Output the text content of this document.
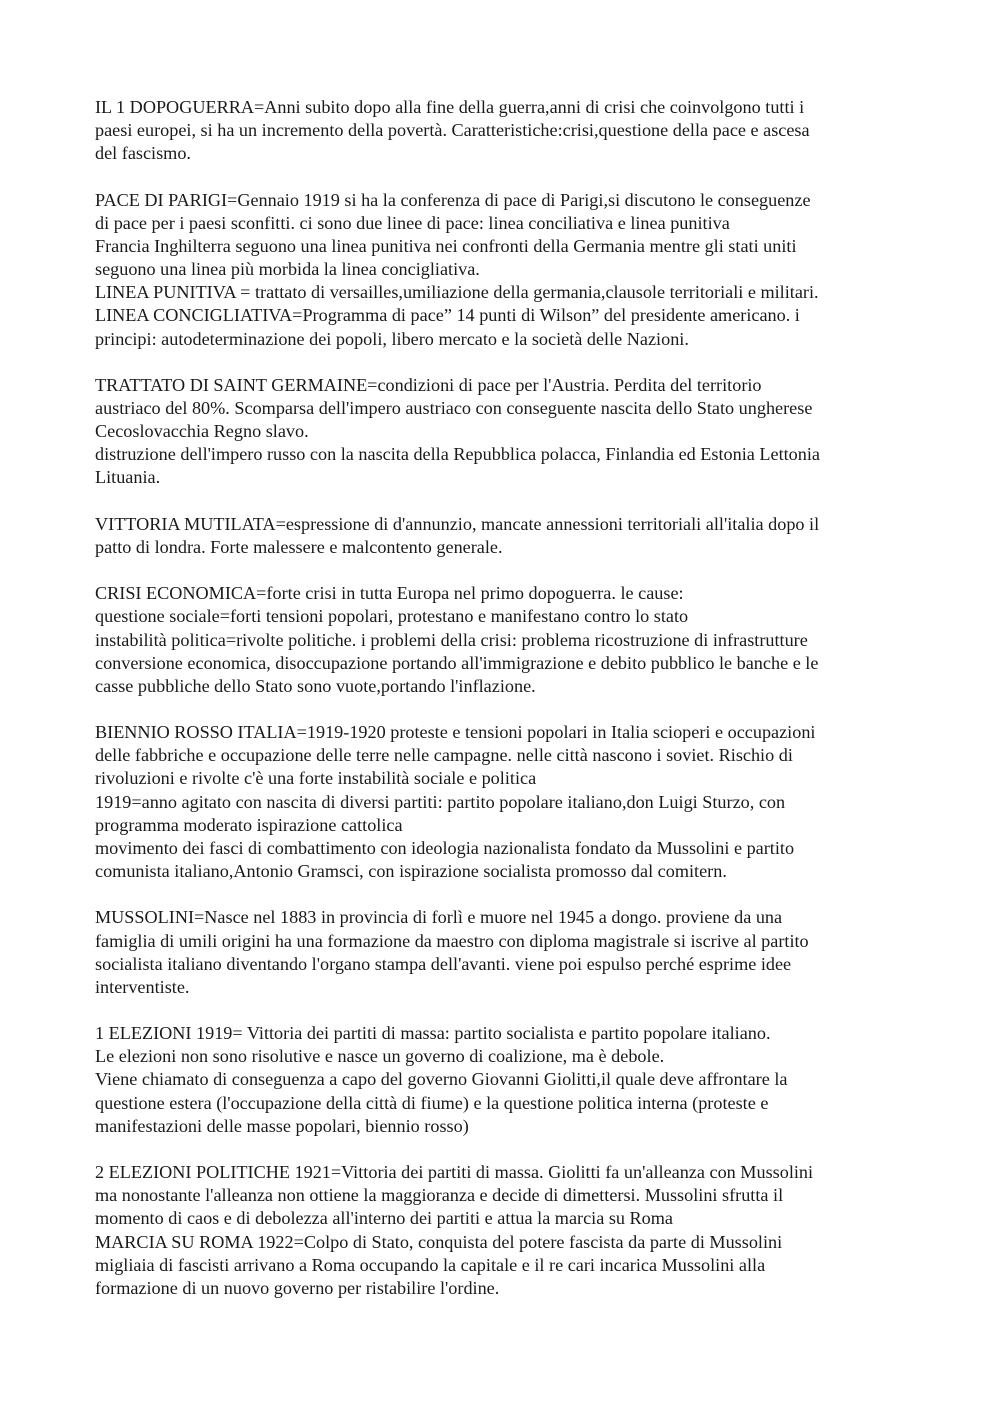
IL 1 DOPOGUERRA=Anni subito dopo alla fine della guerra,anni di crisi che coinvolgono tutti i
paesi europei, si ha un incremento della povertà. Caratteristiche:crisi,questione della pace e ascesa
del fascismo.
PACE DI PARIGI=Gennaio 1919 si ha la conferenza di pace di Parigi,si discutono le conseguenze
di pace per i paesi sconfitti. ci sono due linee di pace: linea conciliativa e linea punitiva
Francia Inghilterra seguono una linea punitiva nei confronti della Germania mentre gli stati uniti
seguono una linea più morbida la linea concigliativa.
LINEA PUNITIVA = trattato di versailles,umiliazione della germania,clausole territoriali e militari.
LINEA CONCIGLIATIVA=Programma di pace” 14 punti di Wilson” del presidente americano. i
principi: autodeterminazione dei popoli, libero mercato e la società delle Nazioni.
TRATTATO DI SAINT GERMAINE=condizioni di pace per l'Austria. Perdita del territorio
austriaco del 80%. Scomparsa dell'impero austriaco con conseguente nascita dello Stato ungherese
Cecoslovacchia Regno slavo.
distruzione dell'impero russo con la nascita della Repubblica polacca, Finlandia ed Estonia Lettonia
Lituania.
VITTORIA MUTILATA=espressione di d'annunzio, mancate annessioni territoriali all'italia dopo il
patto di londra. Forte malessere e malcontento generale.
CRISI ECONOMICA=forte crisi in tutta Europa nel primo dopoguerra. le cause:
questione sociale=forti tensioni popolari, protestano e manifestano contro lo stato
instabilità politica=rivolte politiche. i problemi della crisi: problema ricostruzione di infrastrutture
conversione economica, disoccupazione portando all'immigrazione e debito pubblico le banche e le
casse pubbliche dello Stato sono vuote,portando l'inflazione.
BIENNIO ROSSO ITALIA=1919-1920 proteste e tensioni popolari in Italia scioperi e occupazioni
delle fabbriche e occupazione delle terre nelle campagne. nelle città nascono i soviet. Rischio di
rivoluzioni e rivolte c'è una forte instabilità sociale e politica
1919=anno agitato con nascita di diversi partiti: partito popolare italiano,don Luigi Sturzo, con
programma moderato ispirazione cattolica
movimento dei fasci di combattimento con ideologia nazionalista fondato da Mussolini e partito
comunista italiano,Antonio Gramsci, con ispirazione socialista promosso dal comitern.
MUSSOLINI=Nasce nel 1883 in provincia di forlì e muore nel 1945 a dongo. proviene da una
famiglia di umili origini ha una formazione da maestro con diploma magistrale si iscrive al partito
socialista italiano diventando l'organo stampa dell'avanti. viene poi espulso perché esprime idee
interventiste.
1 ELEZIONI 1919= Vittoria dei partiti di massa: partito socialista e partito popolare italiano.
Le elezioni non sono risolutive e nasce un governo di coalizione, ma è debole.
Viene chiamato di conseguenza a capo del governo Giovanni Giolitti,il quale deve affrontare la
questione estera (l'occupazione della città di fiume) e la questione politica interna (proteste e
manifestazioni delle masse popolari, biennio rosso)
2 ELEZIONI POLITICHE 1921=Vittoria dei partiti di massa. Giolitti fa un'alleanza con Mussolini
ma nonostante l'alleanza non ottiene la maggioranza e decide di dimettersi. Mussolini sfrutta il
momento di caos e di debolezza all'interno dei partiti e attua la marcia su Roma
MARCIA SU ROMA 1922=Colpo di Stato, conquista del potere fascista da parte di Mussolini
migliaia di fascisti arrivano a Roma occupando la capitale e il re cari incarica Mussolini alla
formazione di un nuovo governo per ristabilire l'ordine.
